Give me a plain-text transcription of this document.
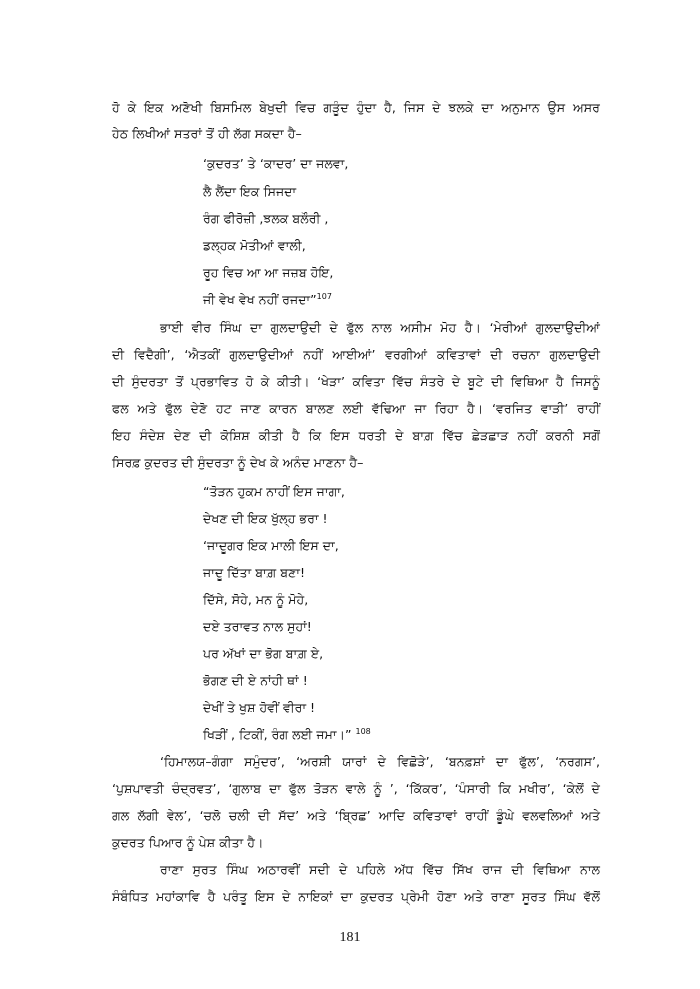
ਹੋ ਕੇ ਇਕ ਅਣੋਖੀ ਬਿਸਮਿਲ ਬੇਖੁਦੀ ਵਿਚ ਗੜੂੰਦ ਹੁੰਦਾ ਹੈ, ਜਿਸ ਦੇ ਝਲਕੇ ਦਾ ਅਨੁਮਾਨ ਉਸ ਅਸਰ

ਹੇਠ ਲਿਖੀਆਂ ਸਤਰਾਂ ਤੋਂ ਹੀ ਲੱਗ ਸਕਦਾ ਹੈ–

‘ਕੁਦਰਤ’ ਤੇ ‘ਕਾਦਰ’ ਦਾ ਜਲਵਾ,

ਲੈ ਲੈਂਦਾ ਇਕ ਸਿਜਦਾ

ਰੰਗ ਫੀਰੋਜ਼ੀ ,ਝਲਕ ਬਲੌਰੀ ,

ਡਲ੍ਹਕ ਮੋਤੀਆਂ ਵਾਲੀ,

ਰੂਹ ਵਿਚ ਆ ਆ ਜਜ਼ਬ ਹੋਇ,

ਜੀ ਵੇਖ ਵੇਖ ਨਹੀਂ ਰਜਦਾ”$^{107}$

ਭਾਈ ਵੀਰ ਸਿੰਘ ਦਾ ਗੁਲਦਾਉਦੀ ਦੇ ਫੁੱਲ ਨਾਲ ਅਸੀਮ ਮੋਹ ਹੈ। ‘ਮੇਰੀਆਂ ਗੁਲਦਾਉਦੀਆਂ

ਦੀ ਵਿਦੈਗੀ’, ‘ਐਤਕੀਂ ਗੁਲਦਾਉਦੀਆਂ ਨਹੀਂ ਆਈਆਂ’ ਵਰਗੀਆਂ ਕਵਿਤਾਵਾਂ ਦੀ ਰਚਨਾ ਗੁਲਦਾਉਦੀ

ਦੀ ਸੁੰਦਰਤਾ ਤੋਂ ਪ੍ਰਭਾਵਿਤ ਹੋ ਕੇ ਕੀਤੀ। ‘ਖੇੜਾ’ ਕਵਿਤਾ ਵਿੱਚ ਸੰਤਰੇ ਦੇ ਬੂਟੇ ਦੀ ਵਿਥਿਆ ਹੈ ਜਿਸਨੂੰ

ਫਲ ਅਤੇ ਫੁੱਲ ਦੇਣੋ ਹਟ ਜਾਣ ਕਾਰਨ ਬਾਲਣ ਲਈ ਵੱਢਿਆ ਜਾ ਰਿਹਾ ਹੈ। ‘ਵਰਜਿਤ ਵਾੜੀ’ ਰਾਹੀਂ

ਇਹ ਸੰਦੇਸ਼ ਦੇਣ ਦੀ ਕੋਸ਼ਿਸ਼ ਕੀਤੀ ਹੈ ਕਿ ਇਸ ਧਰਤੀ ਦੇ ਬਾਗ਼ ਵਿੱਚ ਛੇੜਛਾੜ ਨਹੀਂ ਕਰਨੀ ਸਗੋਂ

ਸਿਰਫ਼ ਕੁਦਰਤ ਦੀ ਸੁੰਦਰਤਾ ਨੂੰ ਦੇਖ ਕੇ ਅਨੰਦ ਮਾਣਨਾ ਹੈ–

“ਤੋੜਨ ਹੁਕਮ ਨਾਹੀਂ ਇਸ ਜਾਗਾ,

ਦੇਖਣ ਦੀ ਇਕ ਖੁੱਲ੍ਹ ਭਰਾ !

‘ਜਾਦੂਗਰ ਇਕ ਮਾਲੀ ਇਸ ਦਾ,

ਜਾਦੂ ਦਿੱਤਾ ਬਾਗ਼ ਬਣਾ!

ਦਿੱਸੇ, ਸੋਹੇ, ਮਨ ਨੂੰ ਮੋਹੇ,

ਦਏ ਤਰਾਵਤ ਨਾਲ ਸੁਹਾਂ!

ਪਰ ਅੱਖਾਂ ਦਾ ਭੋਗ ਬਾਗ਼ ਏ,

ਭੋਗਣ ਦੀ ਏ ਨਾਂਹੀ ਥਾਂ !

ਦੇਖੀਂ ਤੇ ਖੁਸ਼ ਹੋਵੀਂ ਵੀਰਾ !

ਖਿੜੀਂ , ਟਿਕੀਂ, ਰੰਗ ਲਈ ਜਮਾ।” $^{108}$

‘ਹਿਮਾਲਯ–ਗੰਗਾ ਸਮੁੰਦਰ’, ‘ਅਰਸ਼ੀ ਯਾਰਾਂ ਦੇ ਵਿਛੋੜੇ’, ‘ਬਨਫ਼ਸ਼ਾਂ ਦਾ ਫੁੱਲ’, ‘ਨਰਗਸ’,

‘ਪੁਸ਼ਪਾਵਤੀ ਚੰਦ੍ਰਵਤ’, ‘ਗੁਲਾਬ ਦਾ ਫੁੱਲ ਤੋੜਨ ਵਾਲੇ ਨੂੰ ’, ‘ਕਿੱਕਰ’, ‘ਪੰਸਾਰੀ ਕਿ ਮਖੀਰ’, ‘ਕੇਲੋਂ ਦੇ

ਗਲ ਲੱਗੀ ਵੇਲ’, ‘ਚਲੋ ਚਲੀ ਦੀ ਸੱਦ’ ਅਤੇ ‘ਬ੍ਰਿਛ’ ਆਦਿ ਕਵਿਤਾਵਾਂ ਰਾਹੀਂ ਡੂੰਘੇ ਵਲਵਲਿਆਂ ਅਤੇ

ਕੁਦਰਤ ਪਿਆਰ ਨੂੰ ਪੇਸ਼ ਕੀਤਾ ਹੈ।

ਰਾਣਾ ਸੁਰਤ ਸਿੰਘ ਅਠਾਰਵੀਂ ਸਦੀ ਦੇ ਪਹਿਲੇ ਅੱਧ ਵਿੱਚ ਸਿੱਖ ਰਾਜ ਦੀ ਵਿਥਿਆ ਨਾਲ

ਸੰਬੰਧਿਤ ਮਹਾਂਕਾਵਿ ਹੈ ਪਰੰਤੂ ਇਸ ਦੇ ਨਾਇਕਾਂ ਦਾ ਕੁਦਰਤ ਪ੍ਰੇਮੀ ਹੋਣਾ ਅਤੇ ਰਾਣਾ ਸੂਰਤ ਸਿੰਘ ਵੱਲੋਂ

181
